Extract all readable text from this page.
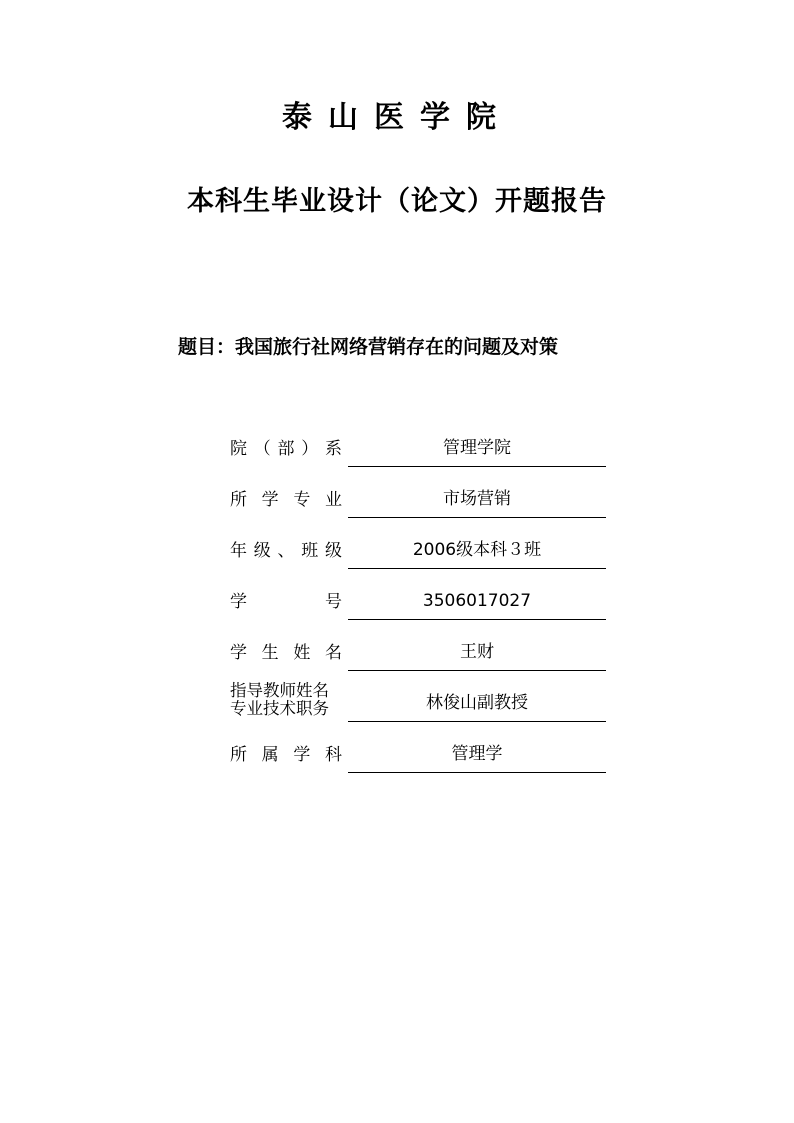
泰山医学院
本科生毕业设计（论文）开题报告
题目：我国旅行社网络营销存在的问题及对策
院 （ 部 ） 系	管理学院
所 学 专 业	市场营销
年 级 、 班 级	2006级本科３班
学	号	3506017027
学 生 姓 名	王财
指导教师姓名
专业技术职务	林俊山副教授
所 属 学 科	管理学
